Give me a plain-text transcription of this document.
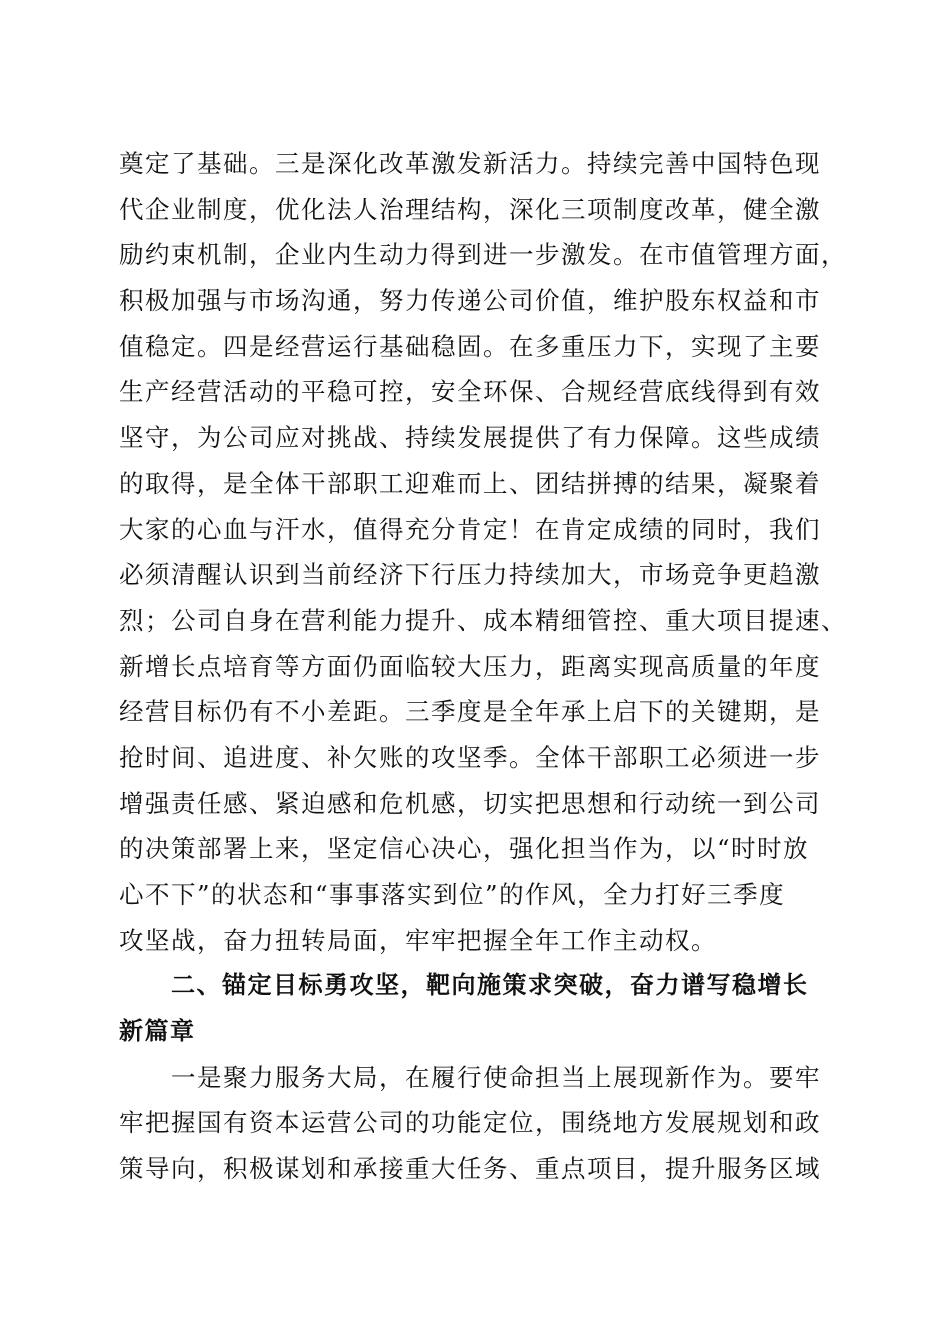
奠定了基础。三是深化改革激发新活力。持续完善中国特色现
代企业制度，优化法人治理结构，深化三项制度改革，健全激
励约束机制，企业内生动力得到进一步激发。在市值管理方面，
积极加强与市场沟通，努力传递公司价值，维护股东权益和市
值稳定。四是经营运行基础稳固。在多重压力下，实现了主要
生产经营活动的平稳可控，安全环保、合规经营底线得到有效
坚守，为公司应对挑战、持续发展提供了有力保障。这些成绩
的取得，是全体干部职工迎难而上、团结拼搏的结果，凝聚着
大家的心血与汗水，值得充分肯定！在肯定成绩的同时，我们
必须清醒认识到当前经济下行压力持续加大，市场竞争更趋激
烈；公司自身在营利能力提升、成本精细管控、重大项目提速、
新增长点培育等方面仍面临较大压力，距离实现高质量的年度
经营目标仍有不小差距。三季度是全年承上启下的关键期，是
抢时间、追进度、补欠账的攻坚季。全体干部职工必须进一步
增强责任感、紧迫感和危机感，切实把思想和行动统一到公司
的决策部署上来，坚定信心决心，强化担当作为，以“时时放
心不下”的状态和“事事落实到位”的作风，全力打好三季度
攻坚战，奋力扭转局面，牢牢把握全年工作主动权。
二、锚定目标勇攻坚，靶向施策求突破，奋力谱写稳增长
新篇章
一是聚力服务大局，在履行使命担当上展现新作为。要牢
牢把握国有资本运营公司的功能定位，围绕地方发展规划和政
策导向，积极谋划和承接重大任务、重点项目，提升服务区域
